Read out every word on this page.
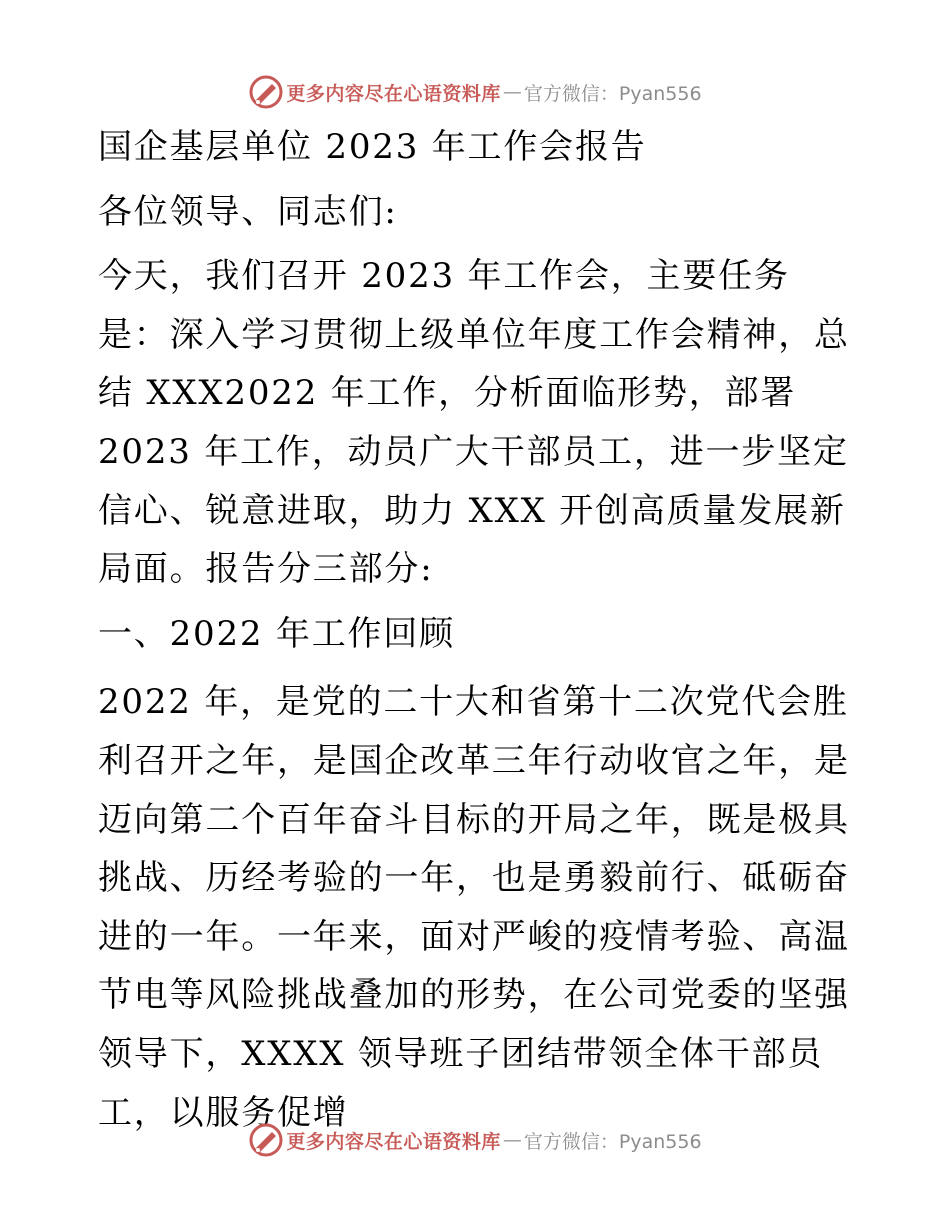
更多内容尽在心语资料库 — 官方微信：Pyan556

国企基层单位 2023 年工作会报告

各位领导、同志们:

今天，我们召开 2023 年工作会，主要任务是：深入学习贯彻上级单位年度工作会精神，总结 XXX2022 年工作，分析面临形势，部署 2023 年工作，动员广大干部员工，进一步坚定信心、锐意进取，助力 XXX 开创高质量发展新局面。报告分三部分:

一、2022 年工作回顾

2022 年，是党的二十大和省第十二次党代会胜利召开之年，是国企改革三年行动收官之年，是迈向第二个百年奋斗目标的开局之年，既是极具挑战、历经考验的一年，也是勇毅前行、砥砺奋进的一年。一年来，面对严峻的疫情考验、高温节电等风险挑战叠加的形势，在公司党委的坚强领导下，XXXX 领导班子团结带领全体干部员工，以服务促增

更多内容尽在心语资料库 — 官方微信：Pyan556
